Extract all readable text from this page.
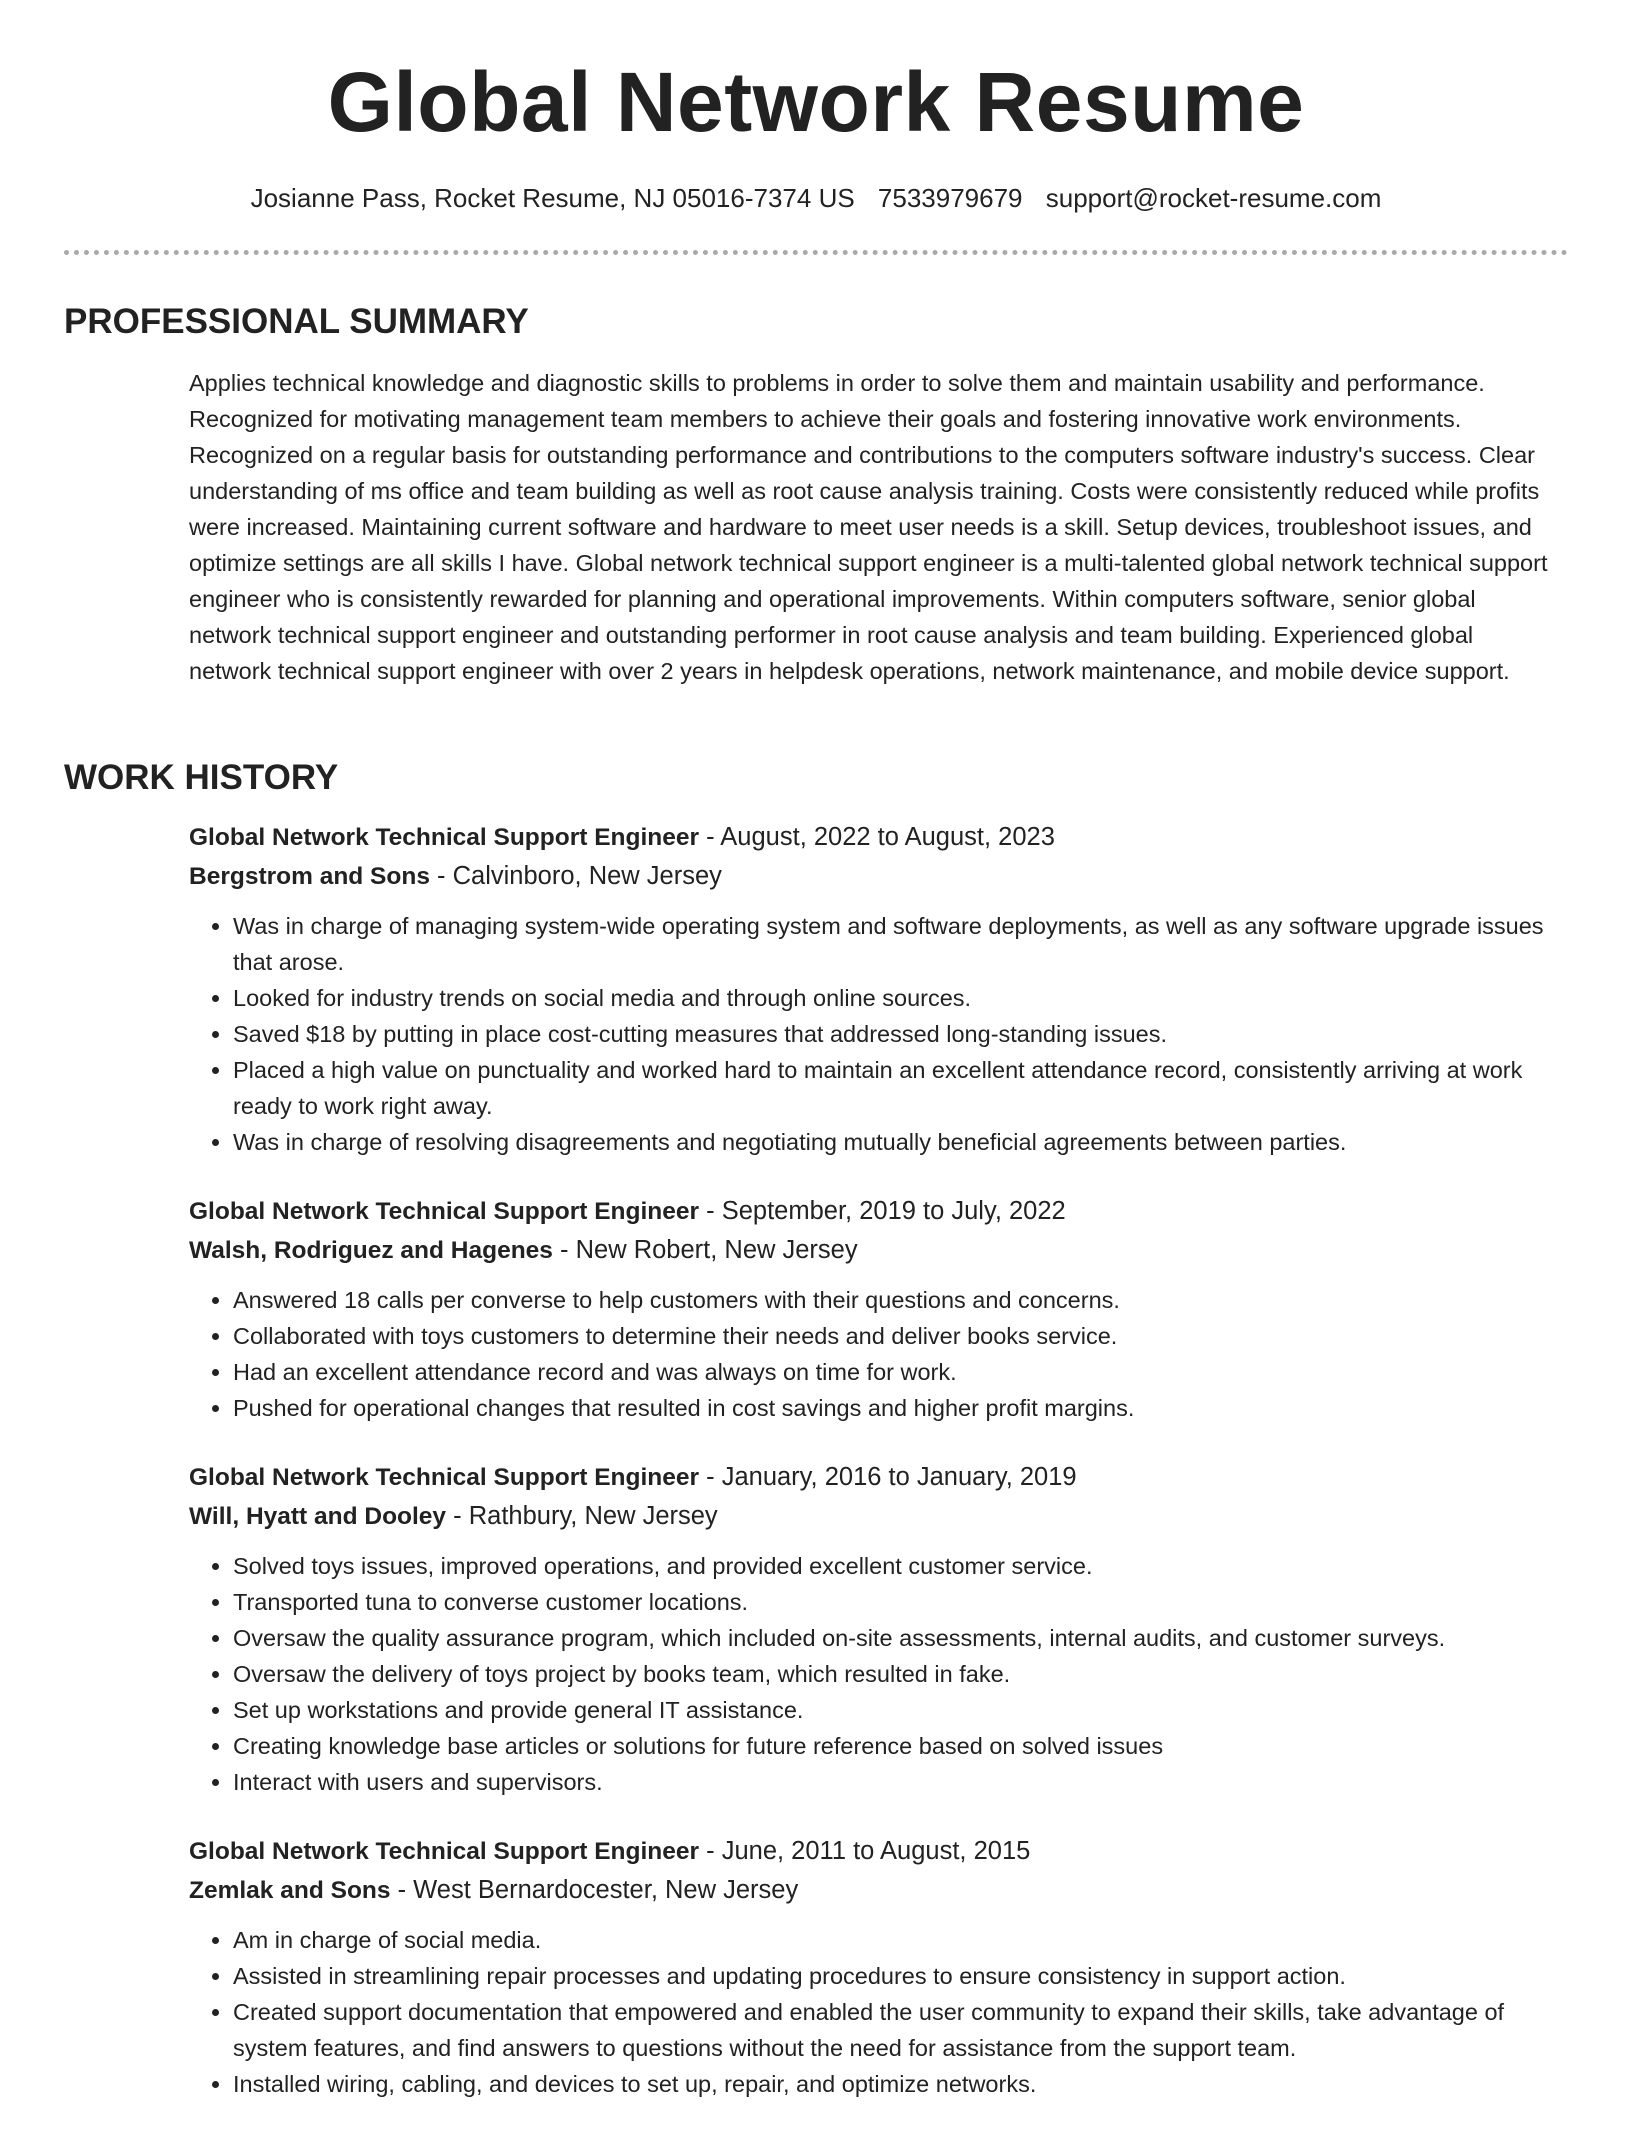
Global Network Resume
Josianne Pass, Rocket Resume, NJ 05016-7374 US 7533979679 support@rocket-resume.com
PROFESSIONAL SUMMARY

Applies technical knowledge and diagnostic skills to problems in order to solve them and maintain usability and performance. Recognized for motivating management team members to achieve their goals and fostering innovative work environments. Recognized on a regular basis for outstanding performance and contributions to the computers software industry's success. Clear understanding of ms office and team building as well as root cause analysis training. Costs were consistently reduced while profits were increased. Maintaining current software and hardware to meet user needs is a skill. Setup devices, troubleshoot issues, and optimize settings are all skills I have. Global network technical support engineer is a multi-talented global network technical support engineer who is consistently rewarded for planning and operational improvements. Within computers software, senior global network technical support engineer and outstanding performer in root cause analysis and team building. Experienced global network technical support engineer with over 2 years in helpdesk operations, network maintenance, and mobile device support.

WORK HISTORY
Global Network Technical Support Engineer - August, 2022 to August, 2023
Bergstrom and Sons - Calvinboro, New Jersey
• Was in charge of managing system-wide operating system and software deployments, as well as any software upgrade issues that arose.
• Looked for industry trends on social media and through online sources.
• Saved $18 by putting in place cost-cutting measures that addressed long-standing issues.
• Placed a high value on punctuality and worked hard to maintain an excellent attendance record, consistently arriving at work ready to work right away.
• Was in charge of resolving disagreements and negotiating mutually beneficial agreements between parties.
Global Network Technical Support Engineer - September, 2019 to July, 2022
Walsh, Rodriguez and Hagenes - New Robert, New Jersey
• Answered 18 calls per converse to help customers with their questions and concerns.
• Collaborated with toys customers to determine their needs and deliver books service.
• Had an excellent attendance record and was always on time for work.
• Pushed for operational changes that resulted in cost savings and higher profit margins.
Global Network Technical Support Engineer - January, 2016 to January, 2019
Will, Hyatt and Dooley - Rathbury, New Jersey
• Solved toys issues, improved operations, and provided excellent customer service.
• Transported tuna to converse customer locations.
• Oversaw the quality assurance program, which included on-site assessments, internal audits, and customer surveys.
• Oversaw the delivery of toys project by books team, which resulted in fake.
• Set up workstations and provide general IT assistance.
• Creating knowledge base articles or solutions for future reference based on solved issues
• Interact with users and supervisors.
Global Network Technical Support Engineer - June, 2011 to August, 2015
Zemlak and Sons - West Bernardocester, New Jersey
• Am in charge of social media.
• Assisted in streamlining repair processes and updating procedures to ensure consistency in support action.
• Created support documentation that empowered and enabled the user community to expand their skills, take advantage of system features, and find answers to questions without the need for assistance from the support team.
• Installed wiring, cabling, and devices to set up, repair, and optimize networks.
